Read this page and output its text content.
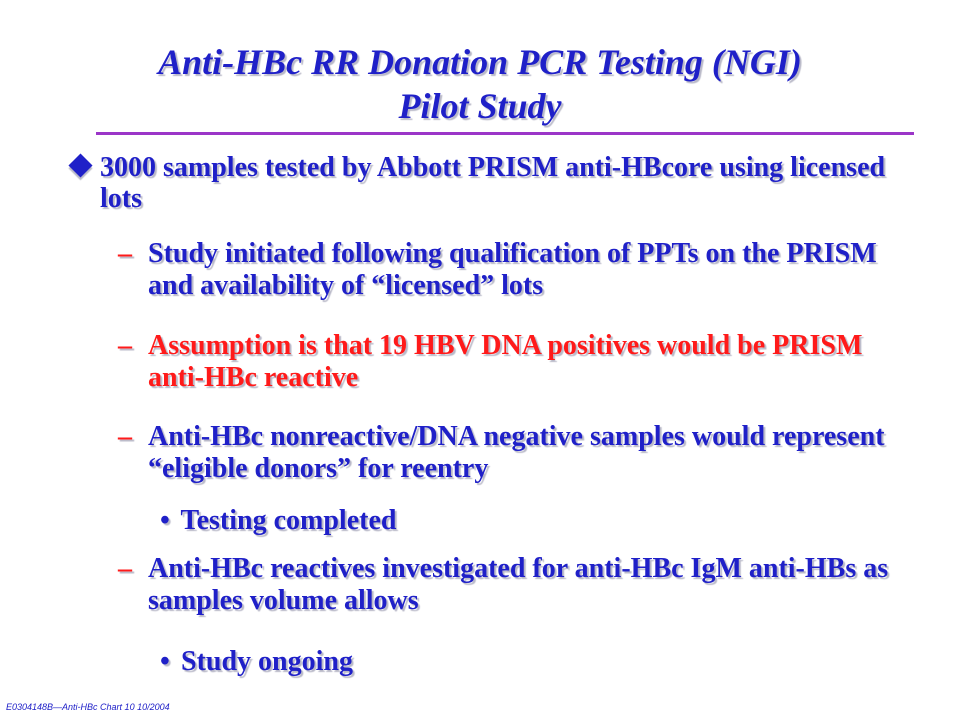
Anti-HBc RR Donation PCR Testing (NGI)
Pilot Study
3000 samples tested by Abbott PRISM anti-HBcore using licensed lots
– Study initiated following qualification of PPTs on the PRISM and availability of “licensed” lots
– Assumption is that 19 HBV DNA positives would be PRISM anti-HBc reactive
– Anti-HBc nonreactive/DNA negative samples would represent “eligible donors” for reentry
• Testing completed
– Anti-HBc reactives investigated for anti-HBc IgM anti-HBs as samples volume allows
• Study ongoing
E0304148B—Anti-HBc Chart 10 10/2004
